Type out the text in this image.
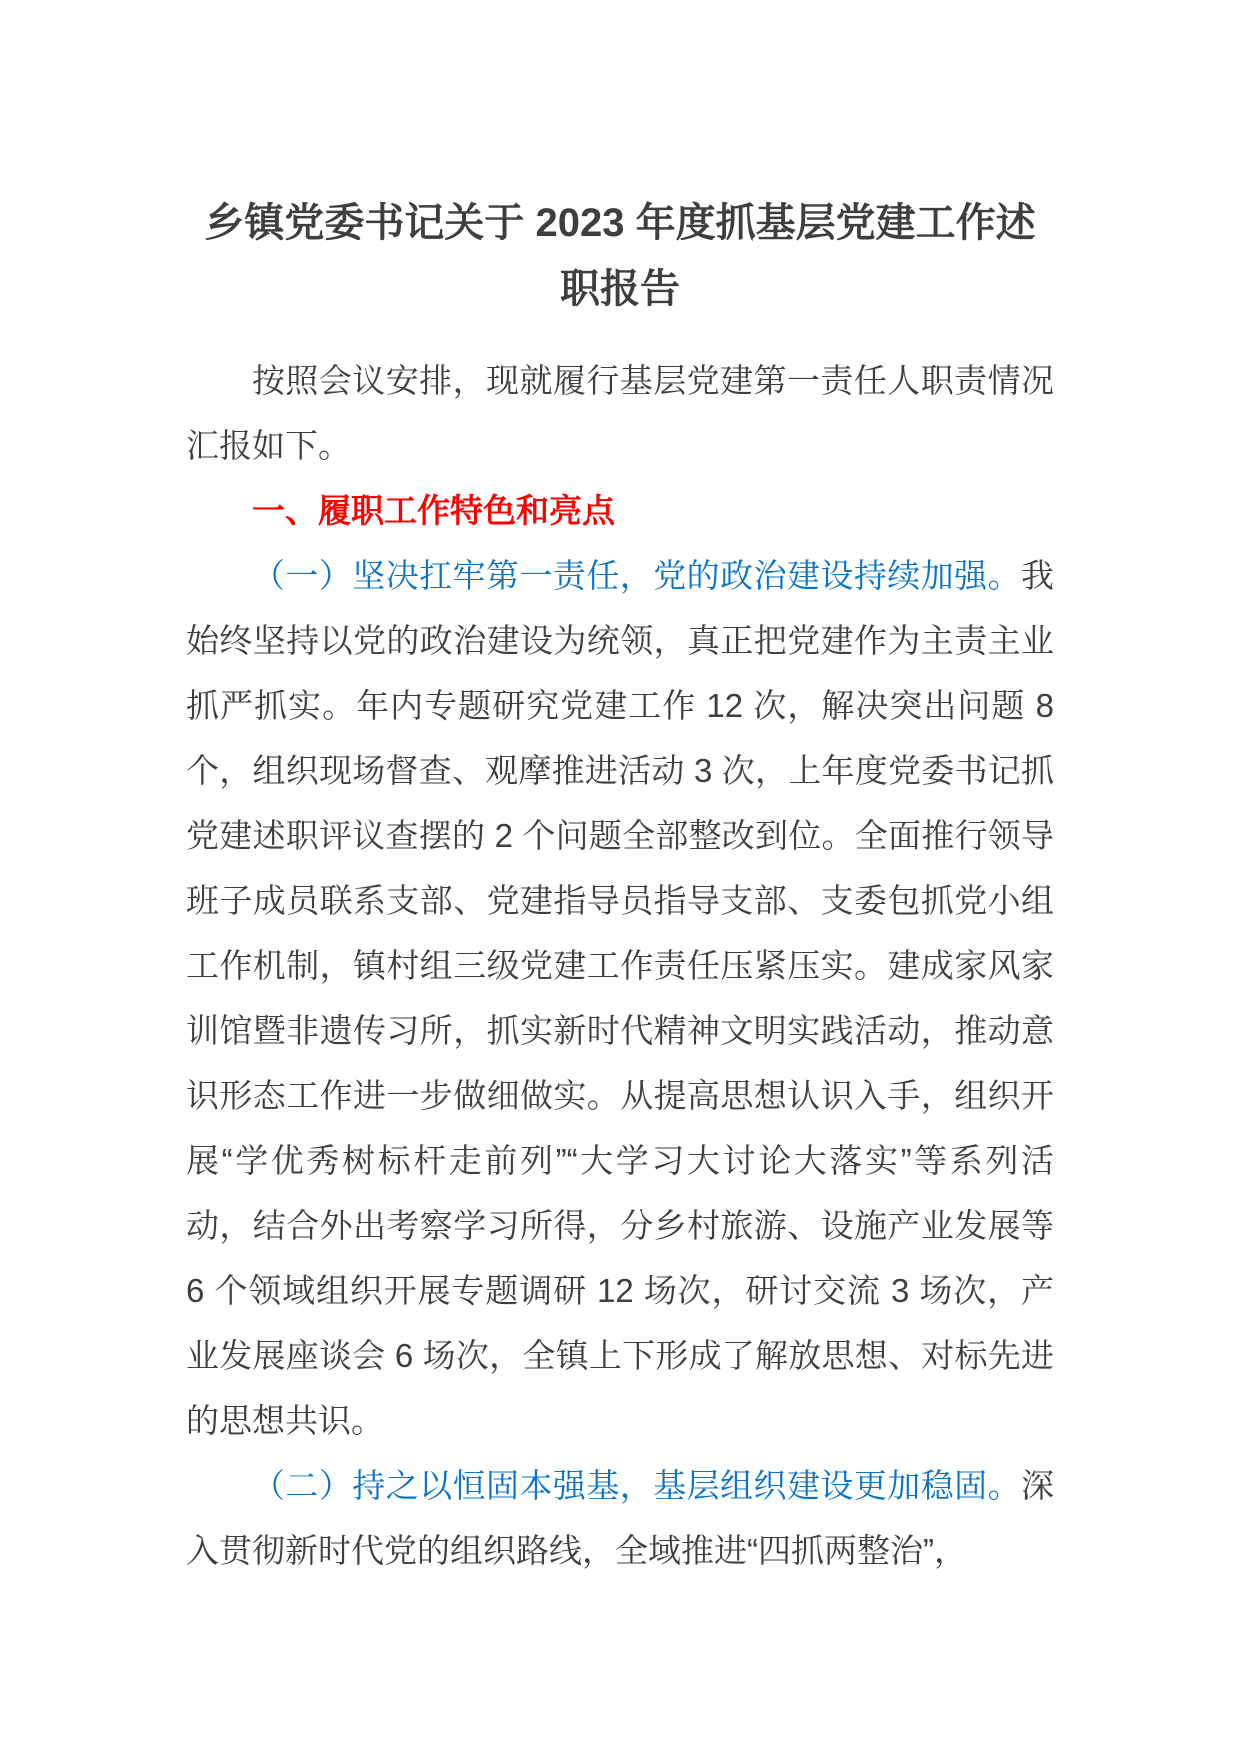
乡镇党委书记关于 2023 年度抓基层党建工作述职报告

按照会议安排，现就履行基层党建第一责任人职责情况汇报如下。

一、履职工作特色和亮点

（一）坚决扛牢第一责任，党的政治建设持续加强。我始终坚持以党的政治建设为统领，真正把党建作为主责主业抓严抓实。年内专题研究党建工作 12 次，解决突出问题 8 个，组织现场督查、观摩推进活动 3 次，上年度党委书记抓党建述职评议查摆的 2 个问题全部整改到位。全面推行领导班子成员联系支部、党建指导员指导支部、支委包抓党小组工作机制，镇村组三级党建工作责任压紧压实。建成家风家训馆暨非遗传习所，抓实新时代精神文明实践活动，推动意识形态工作进一步做细做实。从提高思想认识入手，组织开展“学优秀树标杆走前列”“大学习大讨论大落实”等系列活动，结合外出考察学习所得，分乡村旅游、设施产业发展等 6 个领域组织开展专题调研 12 场次，研讨交流 3 场次，产业发展座谈会 6 场次，全镇上下形成了解放思想、对标先进的思想共识。

（二）持之以恒固本强基，基层组织建设更加稳固。深入贯彻新时代党的组织路线，全域推进“四抓两整治”，
